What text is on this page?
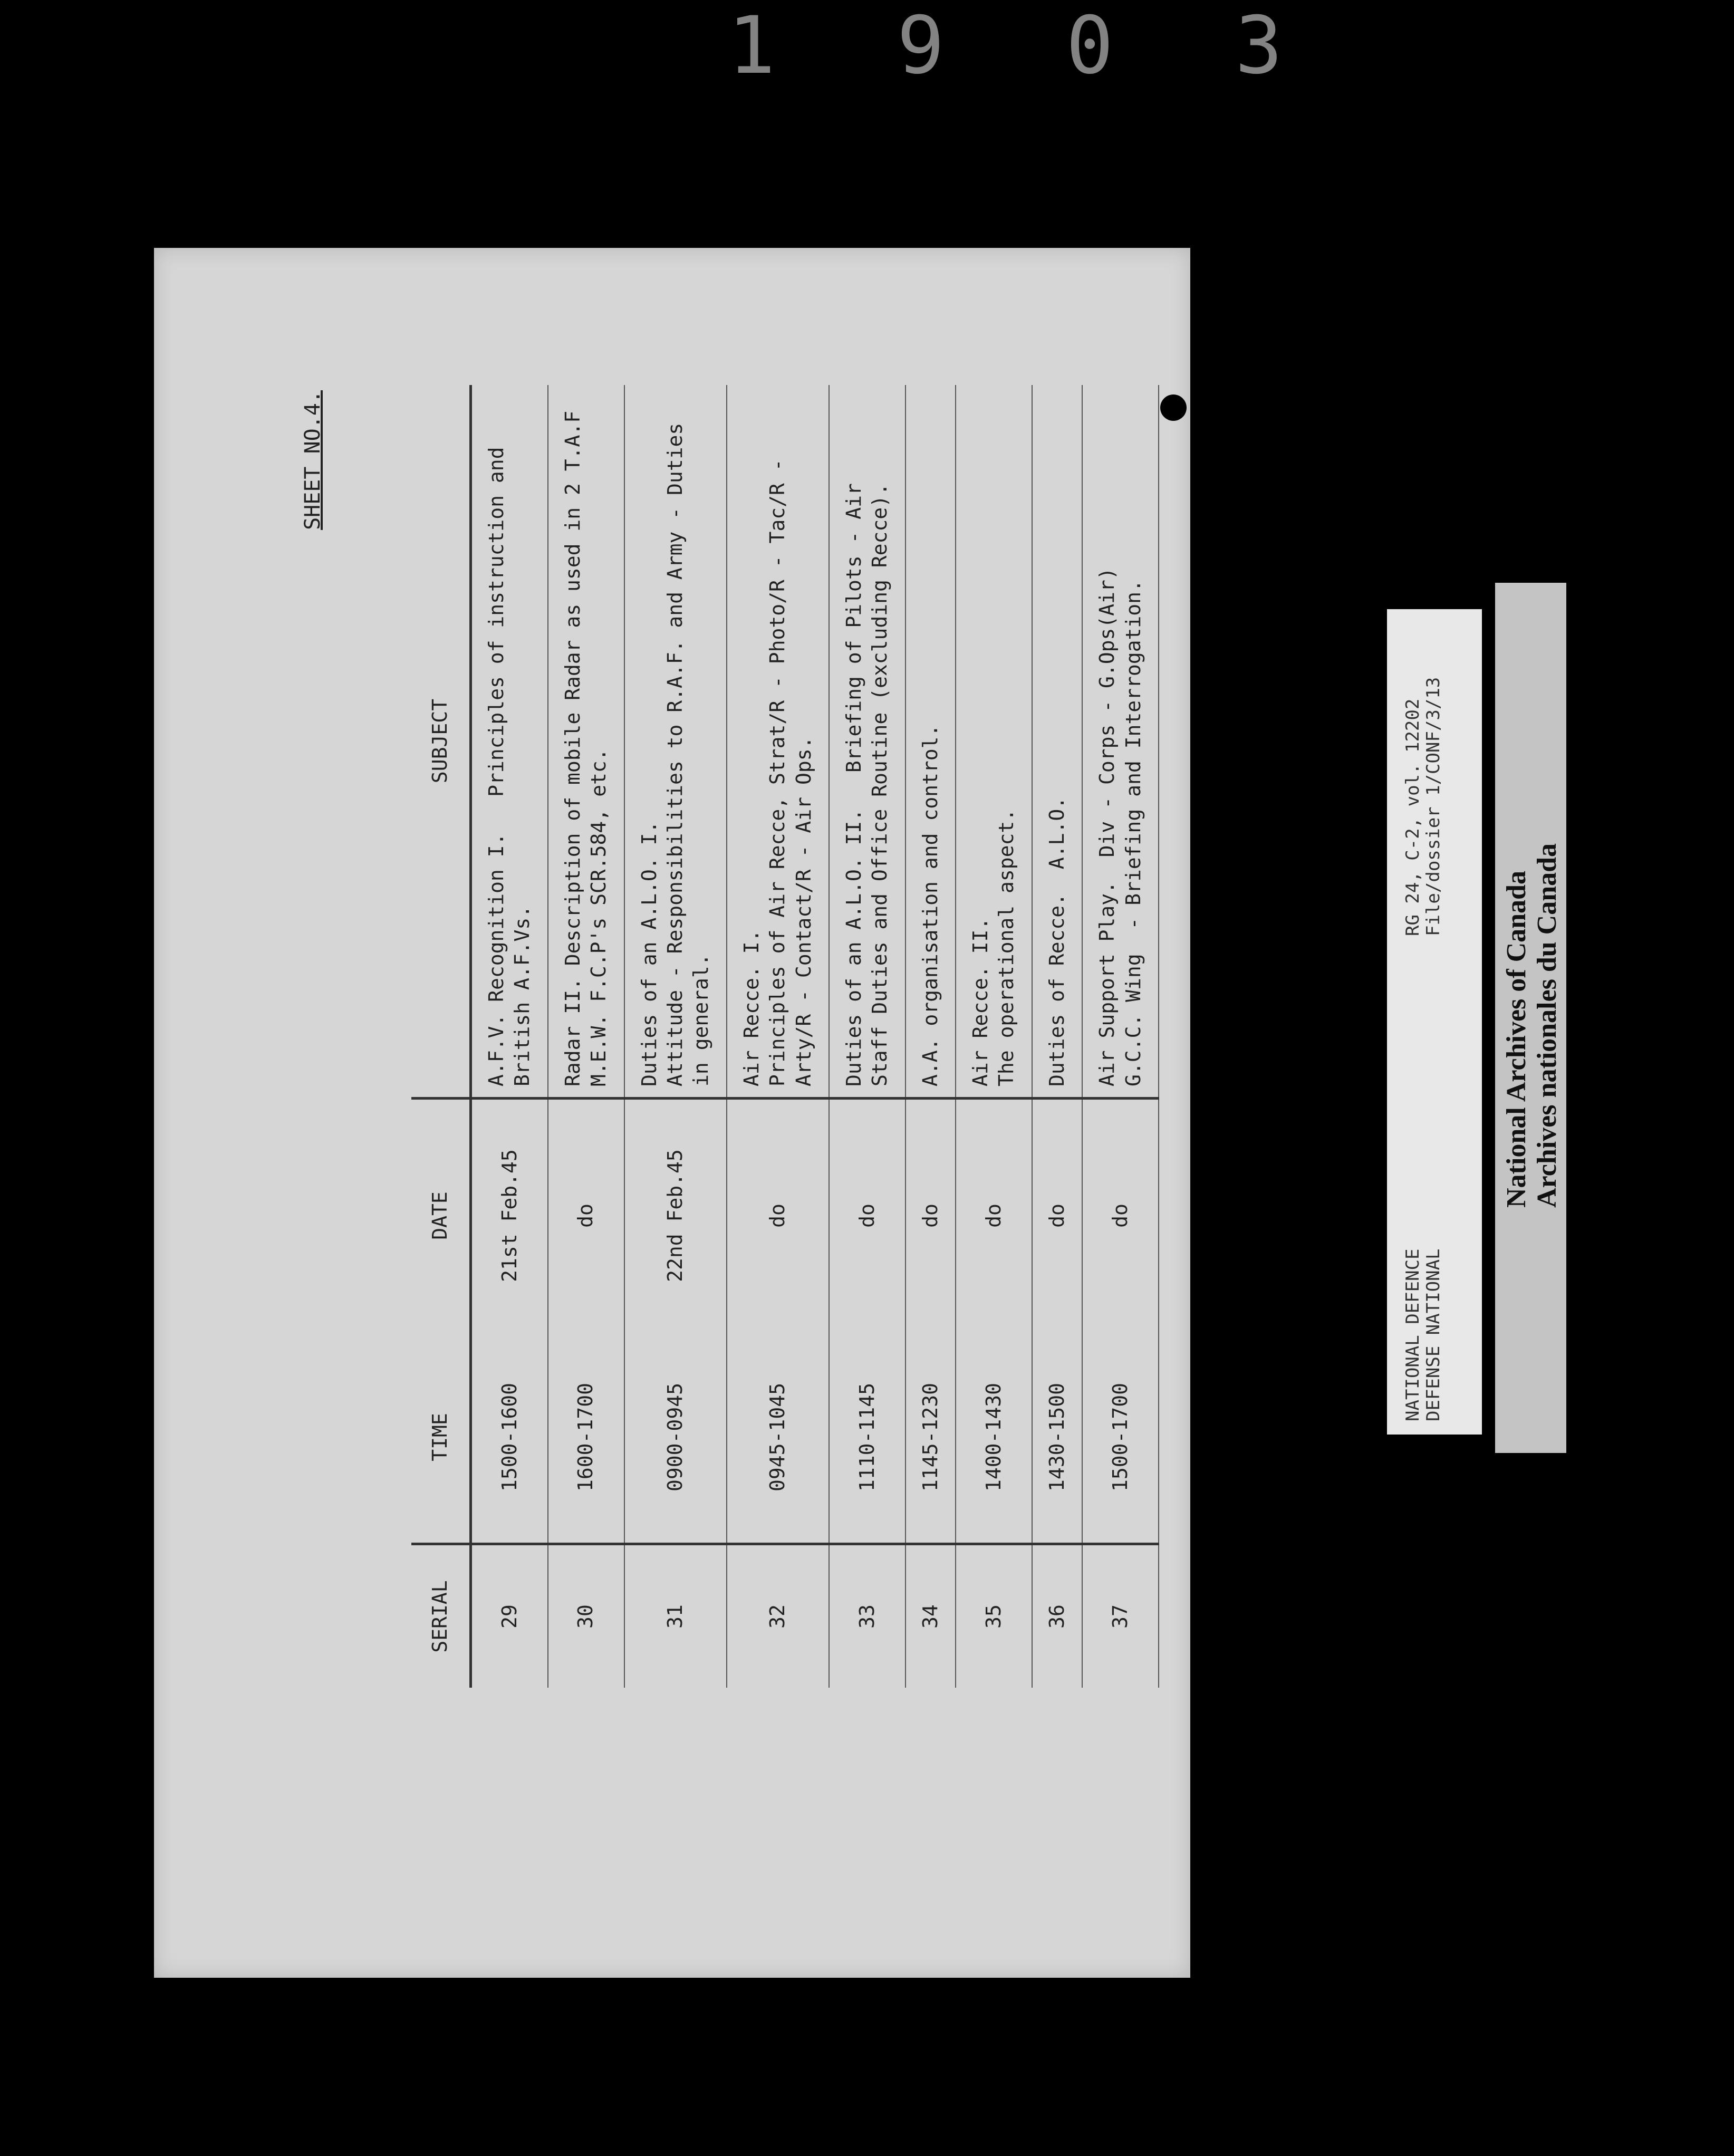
1 9 0 3
SHEET NO.4.
SERIAL	TIME	DATE	SUBJECT
29	1500-1600	21st Feb.45	A.F.V. Recognition I.   Principles of instruction and British A.F.Vs.

30	1600-1700	do	Radar II. Description of mobile Radar as used in 2 T.A.F M.E.W. F.C.P's SCR.584, etc.

31	0900-0945	22nd Feb.45	Duties of an A.L.O. I. Attitude - Responsibilities to R.A.F. and Army - Duties in general.

32	0945-1045	do	Air Recce. I. Principles of Air Recce, Strat/R - Photo/R - Tac/R - Arty/R - Contact/R - Air Ops.

33	1110-1145	do	Duties of an A.L.O. II.   Briefing of Pilots - Air Staff Duties and Office Routine (excluding Recce).

34	1145-1230	do	A.A. organisation and control.

35	1400-1430	do	Air Recce. II. The operational aspect.

36	1430-1500	do	Duties of Recce.  A.L.O.

37	1500-1700	do	Air Support Play.  Div - Corps - G.Ops(Air) G.C.C. Wing  - Briefing and Interrogation.
NATIONAL DEFENCE DEFENSE NATIONAL
RG 24, C-2, vol. 12202 File/dossier 1/CONF/3/13
National Archives of Canada Archives nationales du Canada
